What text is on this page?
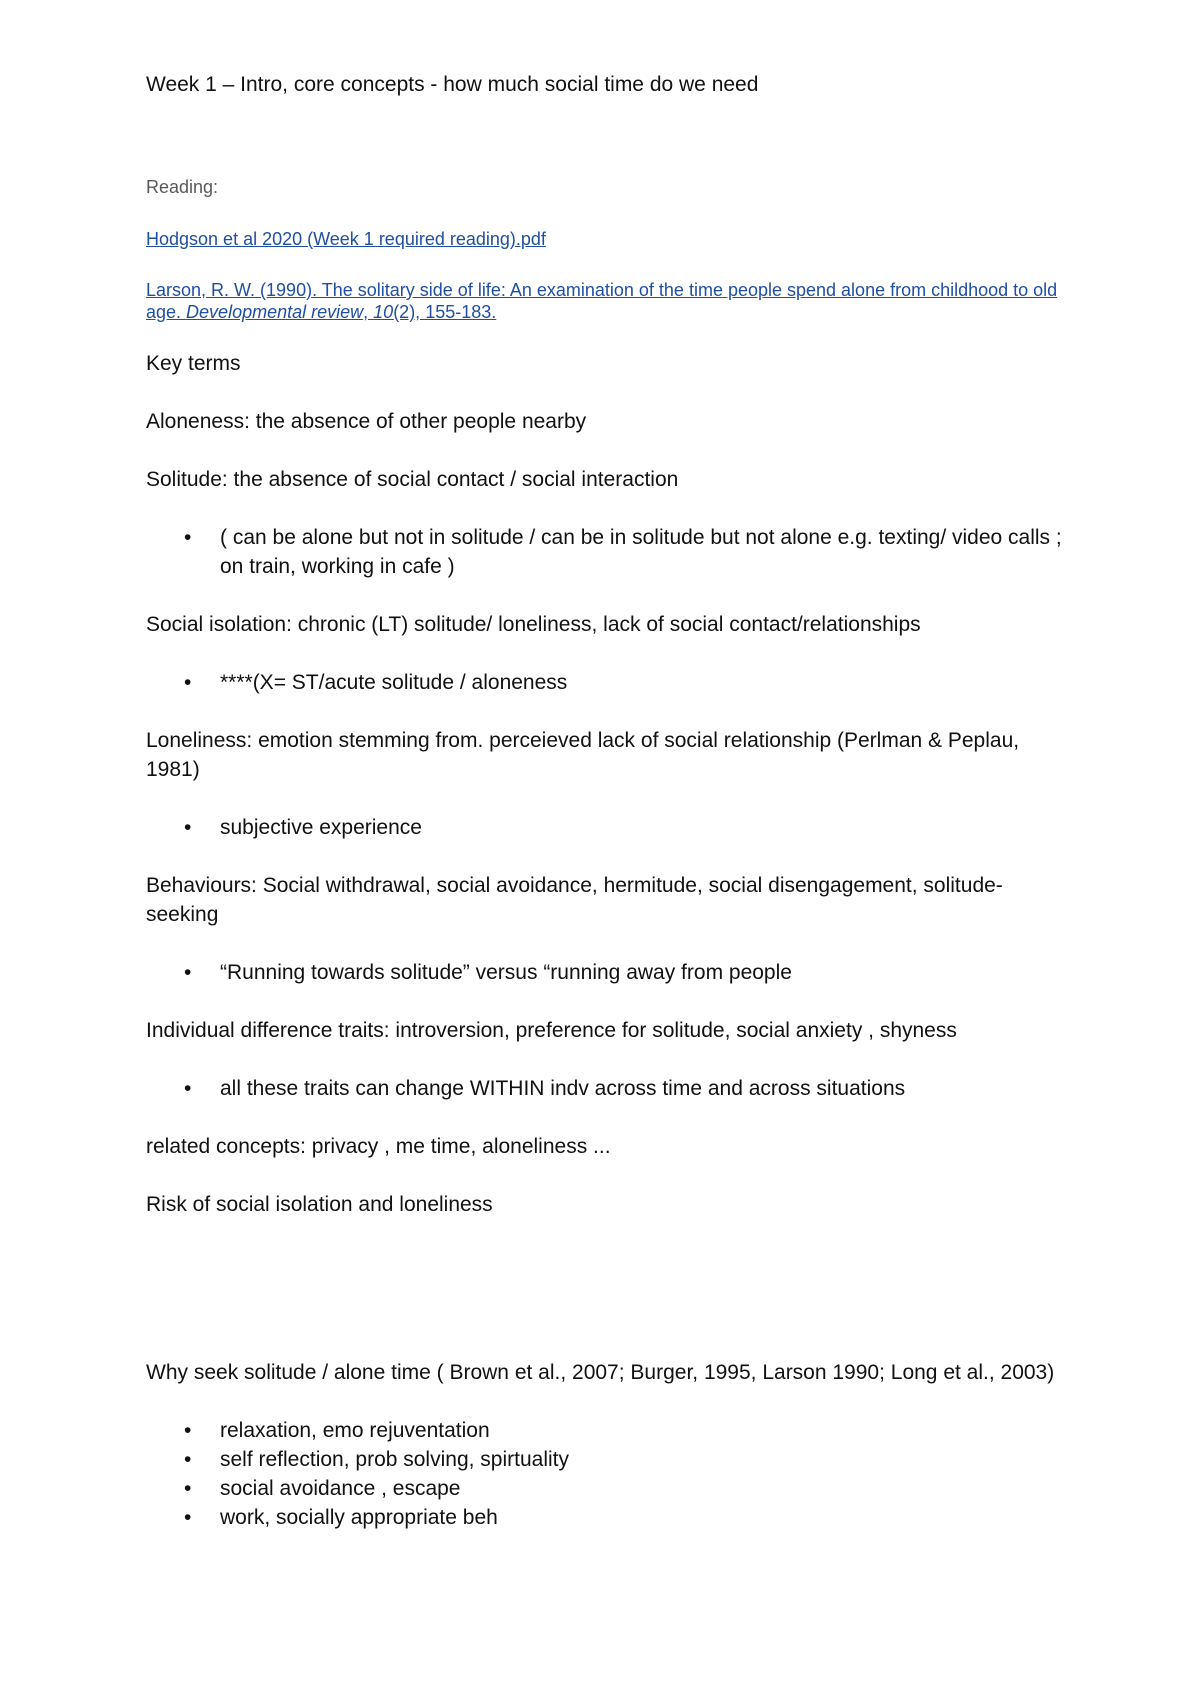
Week 1 – Intro, core concepts - how much social time do we need

Reading:

Hodgson et al 2020 (Week 1 required reading).pdf

Larson, R. W. (1990). The solitary side of life: An examination of the time people spend alone from childhood to old age. Developmental review, 10(2), 155-183.

Key terms

Aloneness: the absence of other people nearby

Solitude: the absence of social contact / social interaction

• ( can be alone but not in solitude / can be in solitude but not alone e.g. texting/ video calls ; on train, working in cafe )

Social isolation: chronic (LT) solitude/ loneliness, lack of social contact/relationships

• ****(X= ST/acute solitude / aloneness

Loneliness: emotion stemming from. perceieved lack of social relationship (Perlman & Peplau, 1981)

• subjective experience

Behaviours: Social withdrawal, social avoidance, hermitude, social disengagement, solitude-seeking

• “Running towards solitude” versus “running away from people

Individual difference traits: introversion, preference for solitude, social anxiety , shyness

• all these traits can change WITHIN indv across time and across situations

related concepts: privacy , me time, aloneliness ...

Risk of social isolation and loneliness

Why seek solitude / alone time ( Brown et al., 2007; Burger, 1995, Larson 1990; Long et al., 2003)

• relaxation, emo rejuventation
• self reflection, prob solving, spirtuality
• social avoidance , escape
• work, socially appropriate beh
